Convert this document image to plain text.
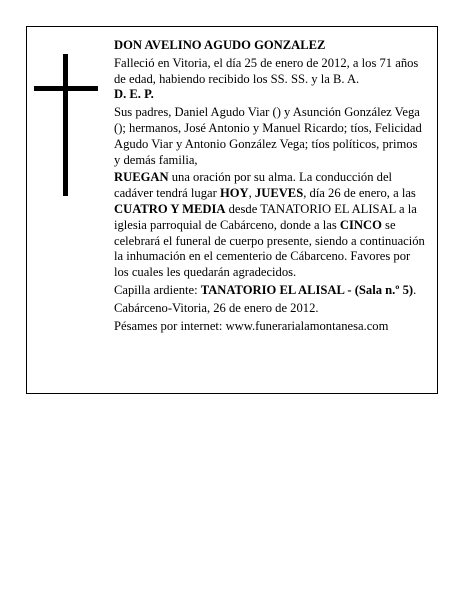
DON AVELINO AGUDO GONZALEZ

Falleció en Vitoria, el día 25 de enero de 2012, a los 71 años de edad, habiendo recibido los SS. SS. y la B. A.
D. E. P.

Sus padres, Daniel Agudo Viar () y Asunción González Vega (); hermanos, José Antonio y Manuel Ricardo; tíos, Felicidad Agudo Viar y Antonio González Vega; tíos políticos, primos y demás familia,

RUEGAN una oración por su alma. La conducción del cadáver tendrá lugar HOY, JUEVES, día 26 de enero, a las CUATRO Y MEDIA desde TANATORIO EL ALISAL a la iglesia parroquial de Cabárceno, donde a las CINCO se celebrará el funeral de cuerpo presente, siendo a continuación la inhumación en el cementerio de Cábarceno. Favores por los cuales les quedarán agradecidos.

Capilla ardiente: TANATORIO EL ALISAL - (Sala n.º 5).

Cabárceno-Vitoria, 26 de enero de 2012.

Pésames por internet: www.funerarialamontanesa.com
